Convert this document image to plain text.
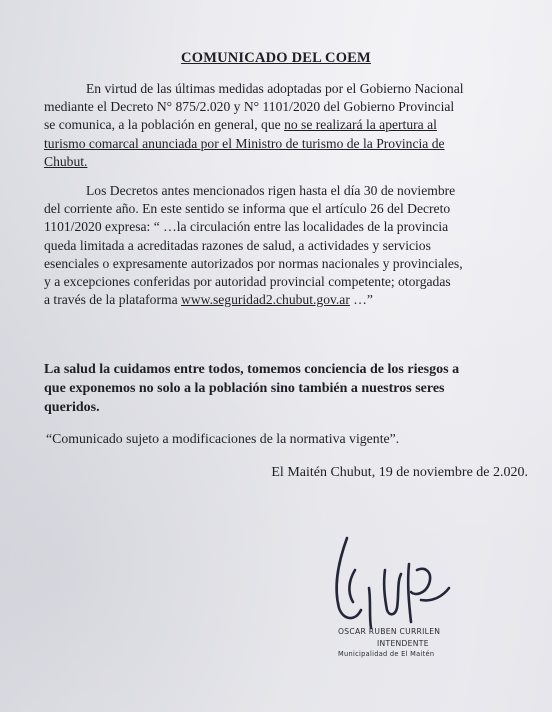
COMUNICADO DEL COEM
En virtud de las últimas medidas adoptadas por el Gobierno Nacional
mediante el Decreto N° 875/2.020 y N° 1101/2020 del Gobierno Provincial
se comunica, a la población en general, que no se realizará la apertura al
turismo comarcal anunciada por el Ministro de turismo de la Provincia de
Chubut.
Los Decretos antes mencionados rigen hasta el día 30 de noviembre
del corriente año. En este sentido se informa que el artículo 26 del Decreto
1101/2020 expresa: “ …la circulación entre las localidades de la provincia
queda limitada a acreditadas razones de salud, a actividades y servicios
esenciales o expresamente autorizados por normas nacionales y provinciales,
y a excepciones conferidas por autoridad provincial competente; otorgadas
a través de la plataforma www.seguridad2.chubut.gov.ar …”
La salud la cuidamos entre todos, tomemos conciencia de los riesgos a
que exponemos no solo a la población sino también a nuestros seres
queridos.
“Comunicado sujeto a modificaciones de la normativa vigente”.
El Maitén Chubut, 19 de noviembre de 2.020.
OSCAR RUBEN CURRILEN
INTENDENTE
Municipalidad de El Maitén
